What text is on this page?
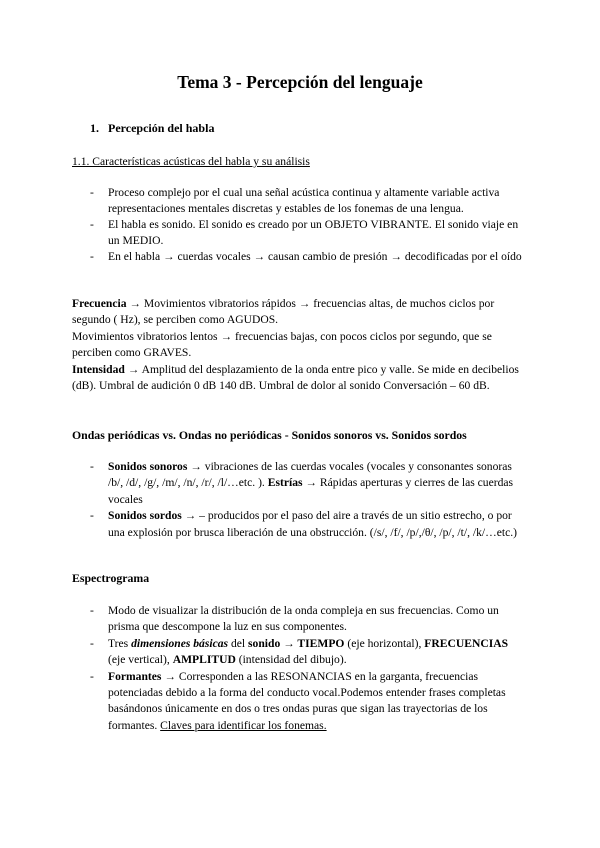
Tema 3 - Percepción del lenguaje
1. Percepción del habla
1.1. Características acústicas del habla y su análisis
- Proceso complejo por el cual una señal acústica continua y altamente variable activa representaciones mentales discretas y estables de los fonemas de una lengua.
- El habla es sonido. El sonido es creado por un OBJETO VIBRANTE. El sonido viaje en un MEDIO.
- En el habla → cuerdas vocales → causan cambio de presión → decodificadas por el oído
Frecuencia → Movimientos vibratorios rápidos → frecuencias altas, de muchos ciclos por segundo ( Hz), se perciben como AGUDOS.
Movimientos vibratorios lentos → frecuencias bajas, con pocos ciclos por segundo, que se perciben como GRAVES.
Intensidad → Amplitud del desplazamiento de la onda entre pico y valle. Se mide en decibelios (dB). Umbral de audición 0 dB 140 dB. Umbral de dolor al sonido Conversación – 60 dB.
Ondas periódicas vs. Ondas no periódicas - Sonidos sonoros vs. Sonidos sordos
- Sonidos sonoros → vibraciones de las cuerdas vocales (vocales y consonantes sonoras /b/, /d/, /g/, /m/, /n/, /r/, /l/…etc. ). Estrías → Rápidas aperturas y cierres de las cuerdas vocales
- Sonidos sordos → – producidos por el paso del aire a través de un sitio estrecho, o por una explosión por brusca liberación de una obstrucción. (/s/, /f/, /p/,/θ/, /p/, /t/, /k/…etc.)
Espectrograma
- Modo de visualizar la distribución de la onda compleja en sus frecuencias. Como un prisma que descompone la luz en sus componentes.
- Tres dimensiones básicas del sonido → TIEMPO (eje horizontal), FRECUENCIAS (eje vertical), AMPLITUD (intensidad del dibujo).
- Formantes → Corresponden a las RESONANCIAS en la garganta, frecuencias potenciadas debido a la forma del conducto vocal.Podemos entender frases completas basándonos únicamente en dos o tres ondas puras que sigan las trayectorias de los formantes. Claves para identificar los fonemas.
